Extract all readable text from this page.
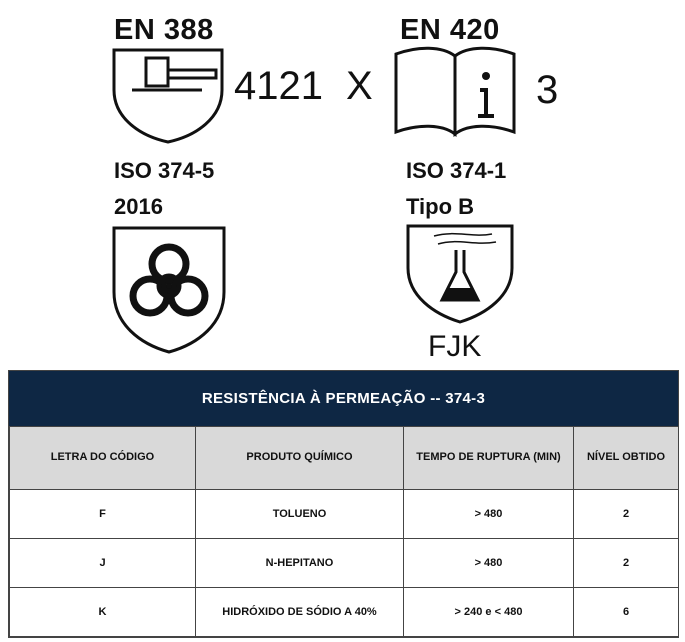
EN 388
4121 X
EN 420
3
ISO 374-5
2016
ISO 374-1
Tipo B
FJK
RESISTÊNCIA À PERMEAÇÃO -- 374-3
LETRA DO CÓDIGO	PRODUTO QUÍMICO	TEMPO DE RUPTURA (MIN)	NÍVEL OBTIDO
F	TOLUENO	> 480	2
J	N-HEPITANO	> 480	2
K	HIDRÓXIDO DE SÓDIO A 40%	> 240 e < 480	6
